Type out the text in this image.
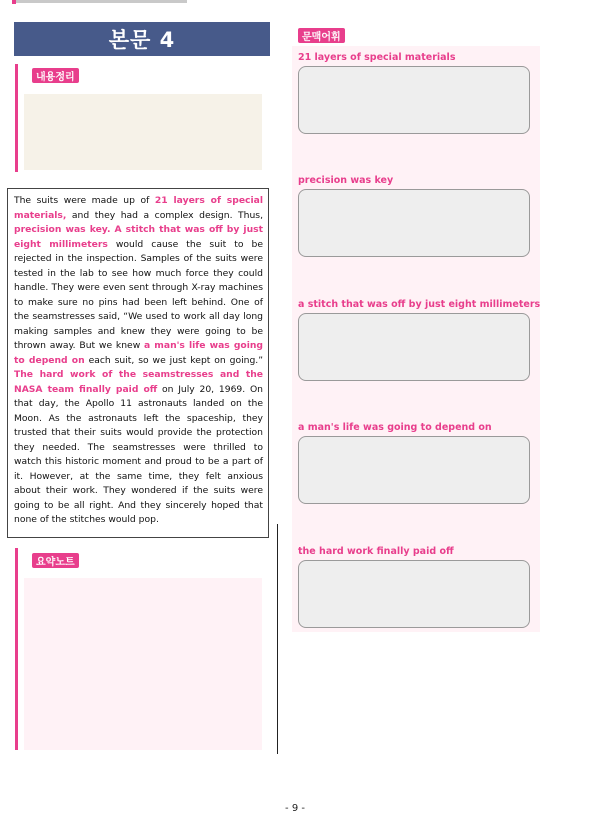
본문 4
내용정리

The suits were made up of 21 layers of special materials, and they had a complex design. Thus, precision was key. A stitch that was off by just eight millimeters would cause the suit to be rejected in the inspection. Samples of the suits were tested in the lab to see how much force they could handle. They were even sent through X-ray machines to make sure no pins had been left behind. One of the seamstresses said, “We used to work all day long making samples and knew they were going to be thrown away. But we knew a man's life was going to depend on each suit, so we just kept on going.” The hard work of the seamstresses and the NASA team finally paid off on July 20, 1969. On that day, the Apollo 11 astronauts landed on the Moon. As the astronauts left the spaceship, they trusted that their suits would provide the protection they needed. The seamstresses were thrilled to watch this historic moment and proud to be a part of it. However, at the same time, they felt anxious about their work. They wondered if the suits were going to be all right. And they sincerely hoped that none of the stitches would pop.

요약노트
문맥어휘
21 layers of special materials
precision was key
a stitch that was off by just eight millimeters
a man's life was going to depend on
the hard work finally paid off
- 9 -
